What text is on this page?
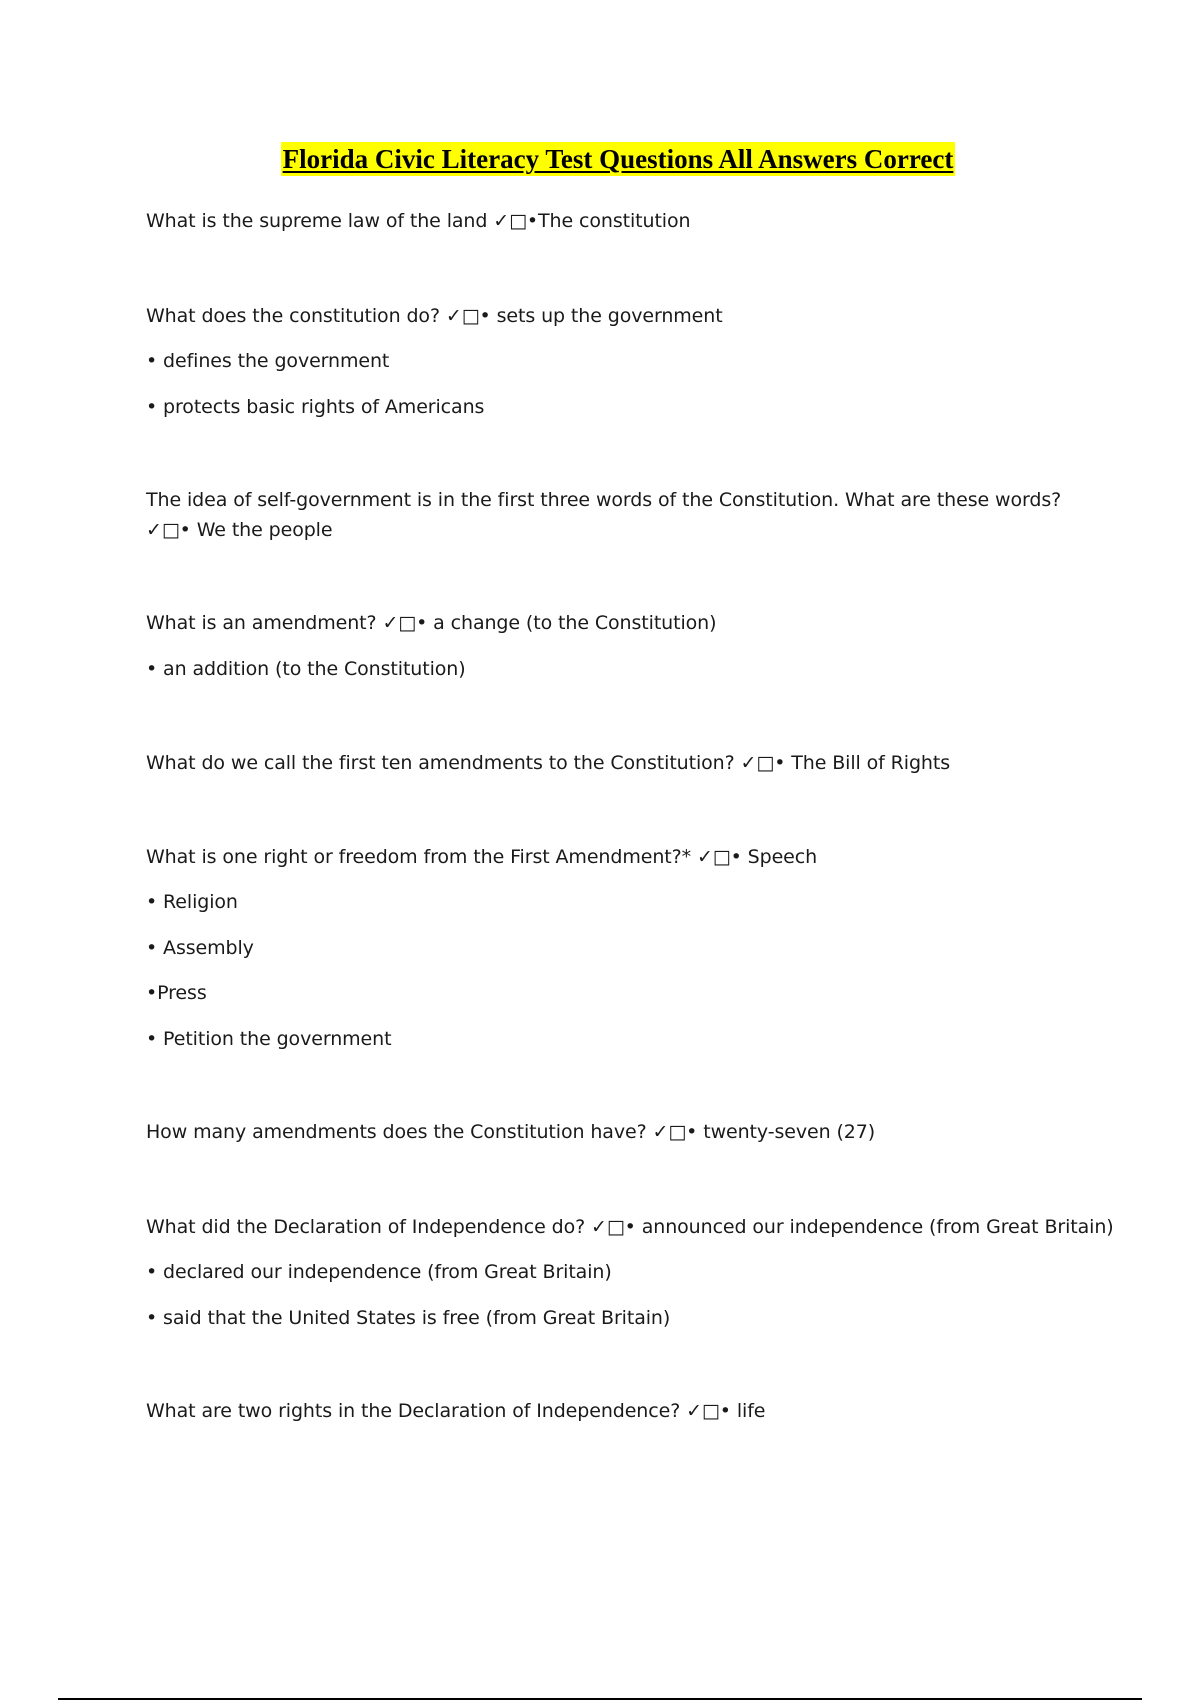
Florida Civic Literacy Test Questions All Answers Correct
What is the supreme law of the land ✓□•The constitution
What does the constitution do? ✓□• sets up the government
• defines the government
• protects basic rights of Americans
The idea of self-government is in the first three words of the Constitution. What are these words? ✓□• We the people
What is an amendment? ✓□• a change (to the Constitution)
• an addition (to the Constitution)
What do we call the first ten amendments to the Constitution? ✓□• The Bill of Rights
What is one right or freedom from the First Amendment?* ✓□• Speech
• Religion
• Assembly
•Press
• Petition the government
How many amendments does the Constitution have? ✓□• twenty-seven (27)
What did the Declaration of Independence do? ✓□• announced our independence (from Great Britain)
• declared our independence (from Great Britain)
• said that the United States is free (from Great Britain)
What are two rights in the Declaration of Independence? ✓□• life
